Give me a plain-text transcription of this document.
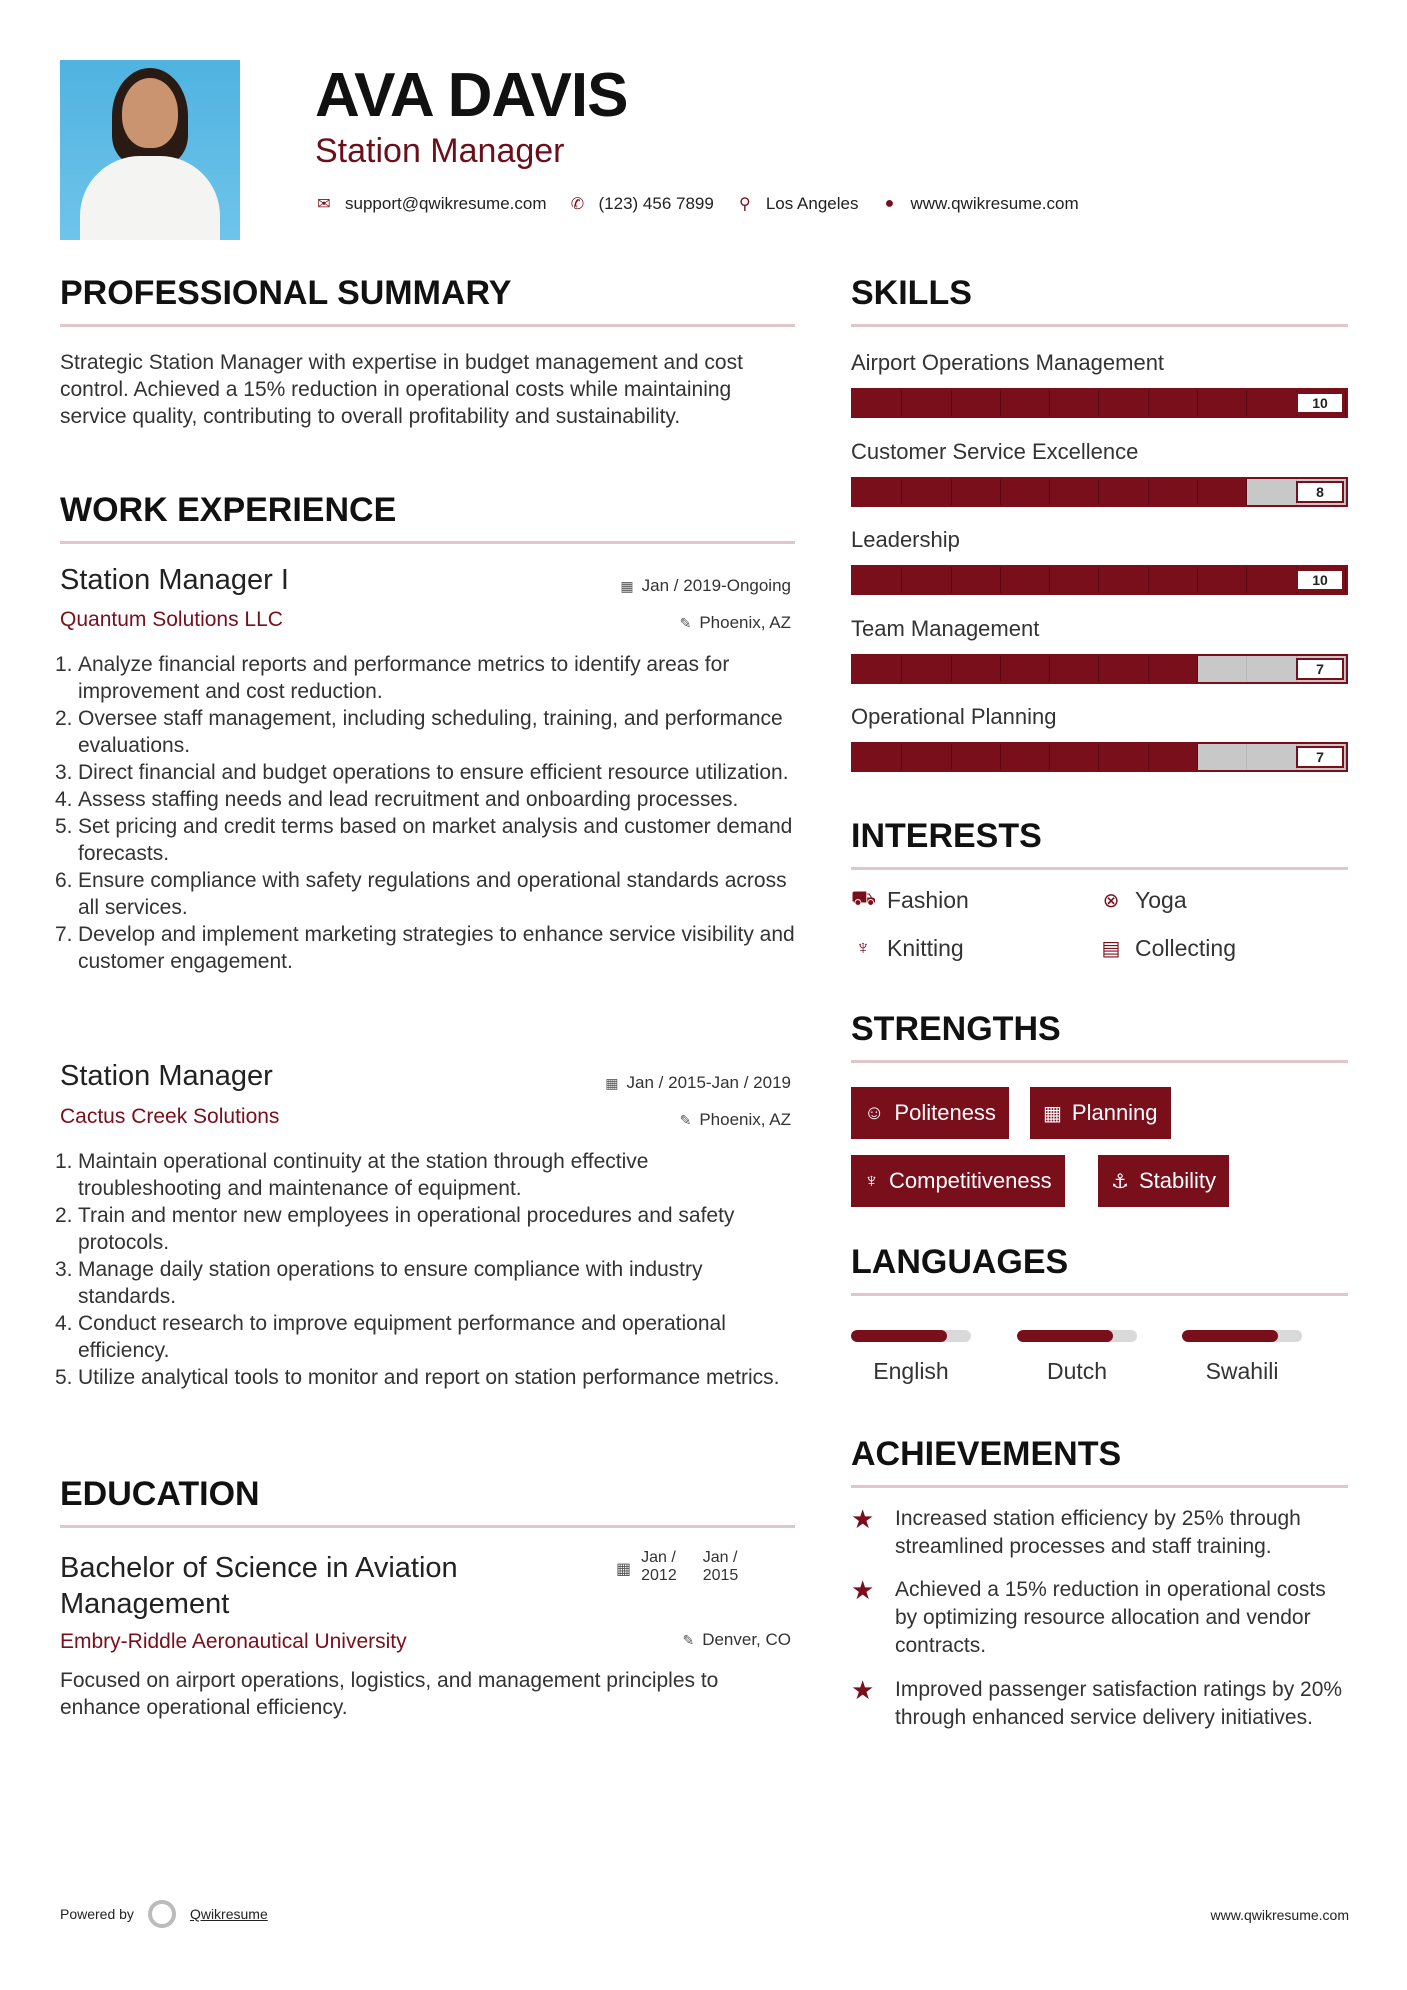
AVA DAVIS
Station Manager
✉ support@qwikresume.com ✆ (123) 456 7899 ⚲ Los Angeles ● www.qwikresume.com
PROFESSIONAL SUMMARY
Strategic Station Manager with expertise in budget management and cost control. Achieved a 15% reduction in operational costs while maintaining service quality, contributing to overall profitability and sustainability.
WORK EXPERIENCE
Station Manager I	▦ Jan / 2019-Ongoing
Quantum Solutions LLC	✎ Phoenix, AZ
1. Analyze financial reports and performance metrics to identify areas for improvement and cost reduction.
2. Oversee staff management, including scheduling, training, and performance evaluations.
3. Direct financial and budget operations to ensure efficient resource utilization.
4. Assess staffing needs and lead recruitment and onboarding processes.
5. Set pricing and credit terms based on market analysis and customer demand forecasts.
6. Ensure compliance with safety regulations and operational standards across all services.
7. Develop and implement marketing strategies to enhance service visibility and customer engagement.
Station Manager	▦ Jan / 2015-Jan / 2019
Cactus Creek Solutions	✎ Phoenix, AZ
1. Maintain operational continuity at the station through effective troubleshooting and maintenance of equipment.
2. Train and mentor new employees in operational procedures and safety protocols.
3. Manage daily station operations to ensure compliance with industry standards.
4. Conduct research to improve equipment performance and operational efficiency.
5. Utilize analytical tools to monitor and report on station performance metrics.
EDUCATION
Bachelor of Science in Aviation
Management
▦
Jan /
2012
Jan /
2015
Embry-Riddle Aeronautical University	✎ Denver, CO
Focused on airport operations, logistics, and management principles to enhance operational efficiency.
SKILLS
Airport Operations Management
10
Customer Service Excellence
8
Leadership
10
Team Management
7
Operational Planning
7
INTERESTS
⛟ Fashion	⊗ Yoga
♆ Knitting	▤ Collecting
STRENGTHS
☺ Politeness ▦ Planning
♆ Competitiveness	⚓ Stability
LANGUAGES
English	Dutch	Swahili
ACHIEVEMENTS
★ Increased station efficiency by 25% through streamlined processes and staff training.
★ Achieved a 15% reduction in operational costs by optimizing resource allocation and vendor contracts.
★ Improved passenger satisfaction ratings by 20% through enhanced service delivery initiatives.
Powered by	Qwikresume	www.qwikresume.com
